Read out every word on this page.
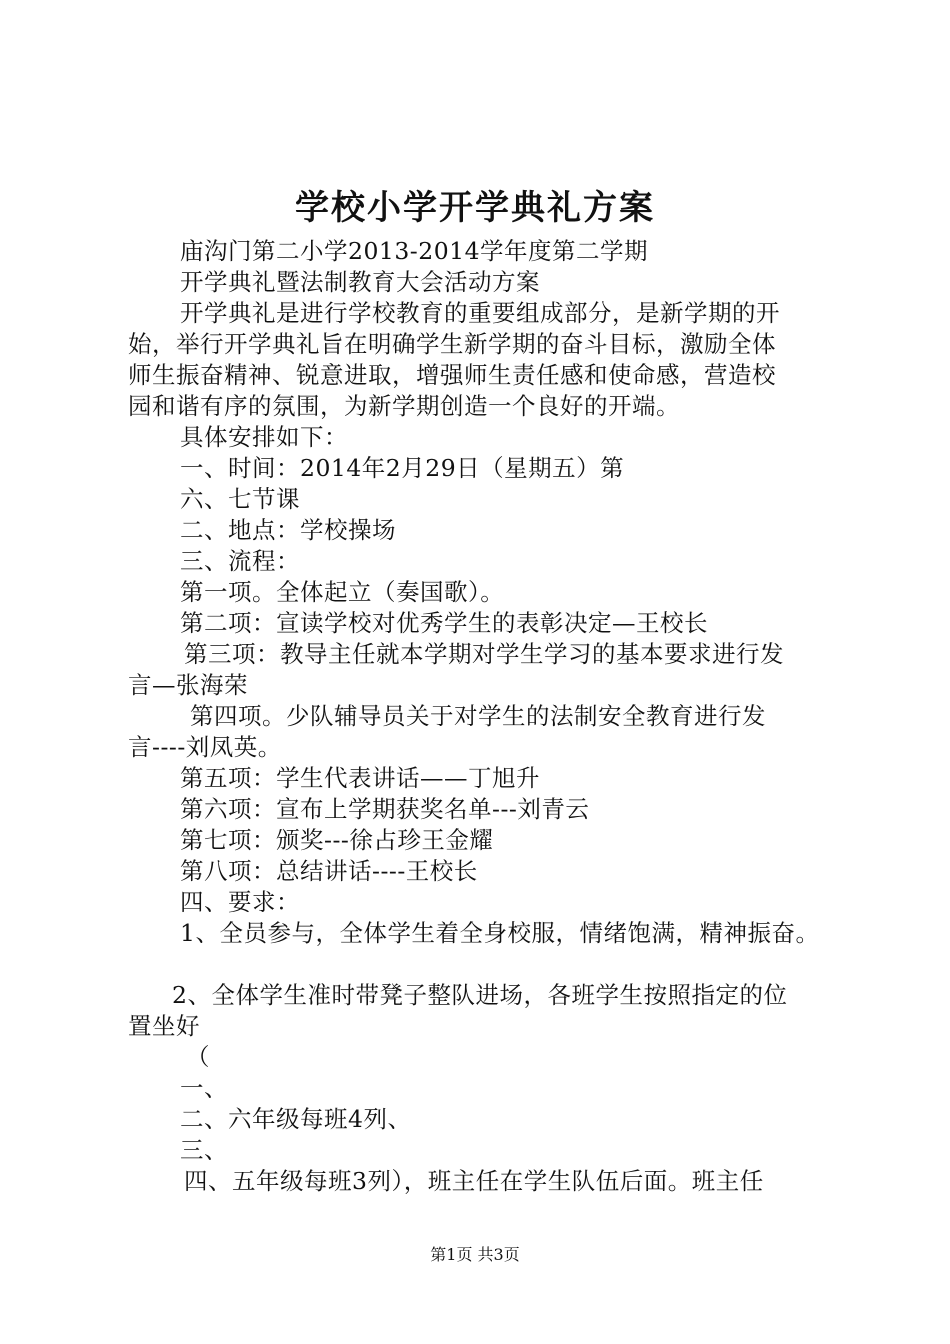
学校小学开学典礼方案
庙沟门第二小学2013-2014学年度第二学期
开学典礼暨法制教育大会活动方案
开学典礼是进行学校教育的重要组成部分，是新学期的开
始，举行开学典礼旨在明确学生新学期的奋斗目标，激励全体
师生振奋精神、锐意进取，增强师生责任感和使命感，营造校
园和谐有序的氛围，为新学期创造一个良好的开端。
具体安排如下：
一、时间：2014年2月29日（星期五）第
六、七节课
二、地点：学校操场
三、流程：
第一项。全体起立（奏国歌）。
第二项：宣读学校对优秀学生的表彰决定—王校长
第三项：教导主任就本学期对学生学习的基本要求进行发
言—张海荣
第四项。少队辅导员关于对学生的法制安全教育进行发
言----刘凤英。
第五项：学生代表讲话——丁旭升
第六项：宣布上学期获奖名单---刘青云
第七项：颁奖---徐占珍王金耀
第八项：总结讲话----王校长
四、要求：
1、全员参与，全体学生着全身校服，情绪饱满，精神振奋。
2、全体学生准时带凳子整队进场，各班学生按照指定的位
置坐好
（
一、
二、六年级每班4列、
三、
四、五年级每班3列），班主任在学生队伍后面。班主任
第1页 共3页
